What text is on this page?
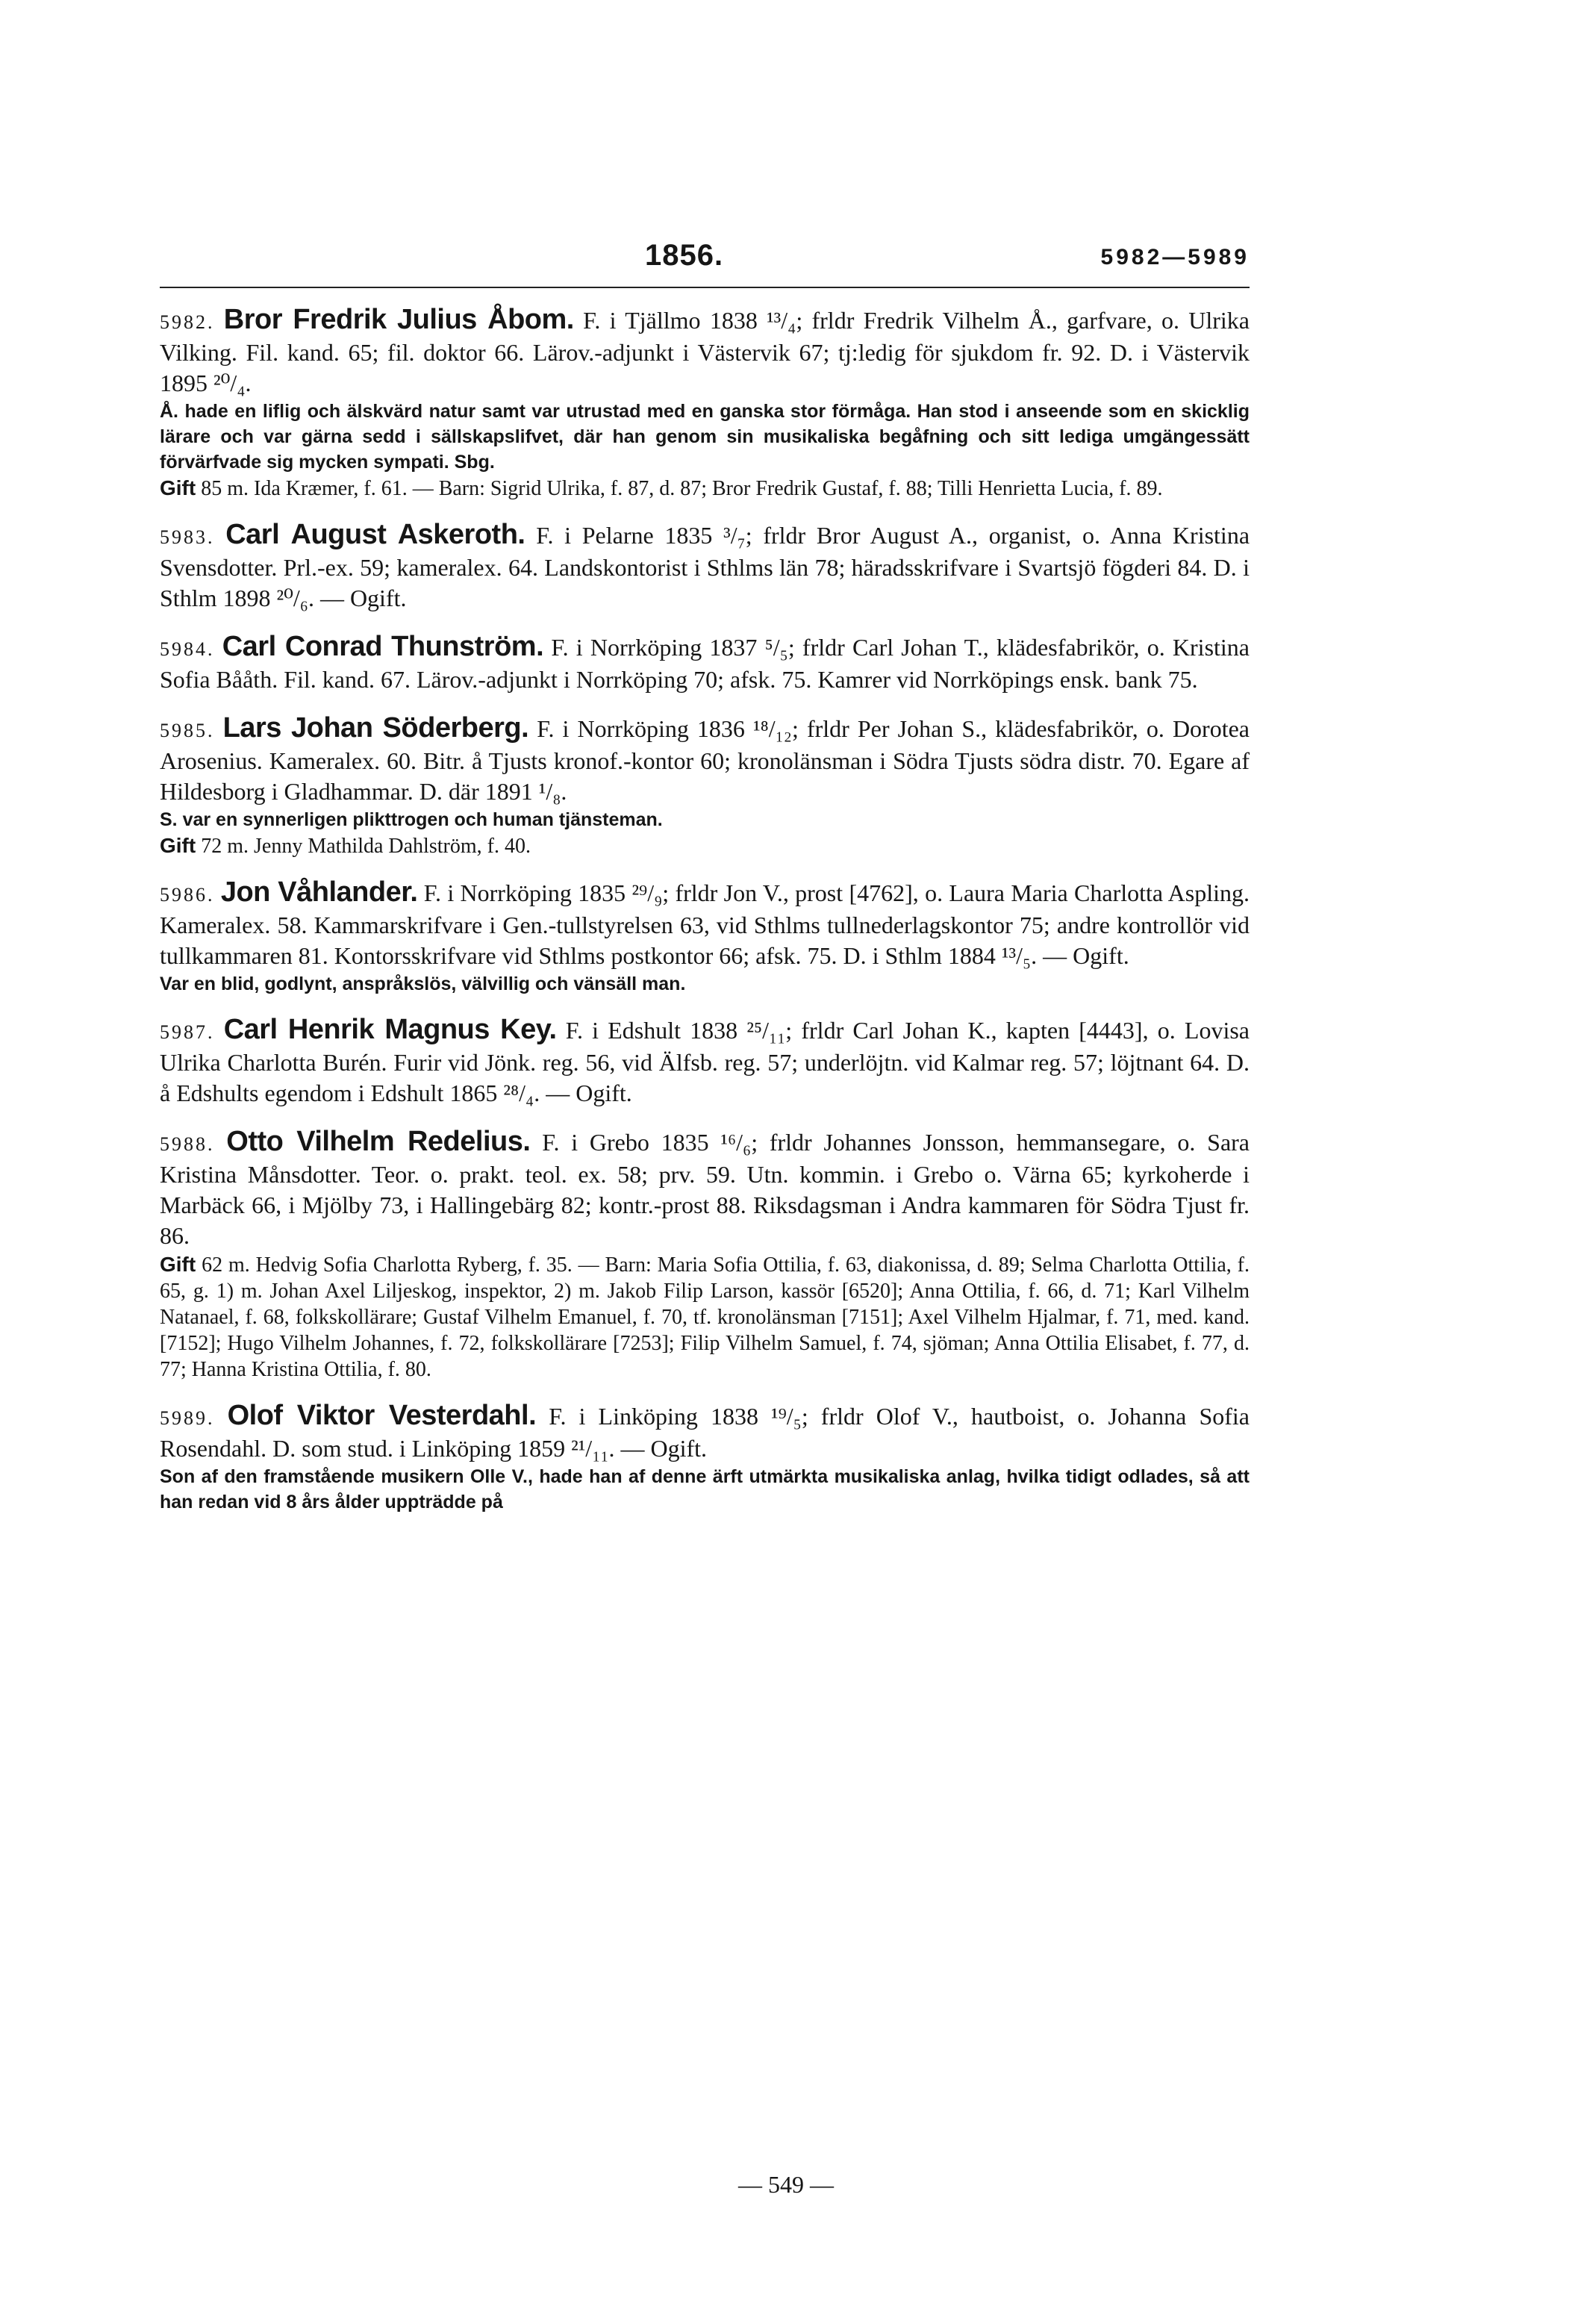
1856.	5982—5989

5982. Bror Fredrik Julius Åbom. F. i Tjällmo 1838 ¹³/₄; frldr Fredrik Vilhelm Å., garfvare, o. Ulrika Vilking. Fil. kand. 65; fil. doktor 66. Lärov.-adjunkt i Västervik 67; tj:ledig för sjukdom fr. 92. D. i Västervik 1895 ²⁰/₄.

Å. hade en liflig och älskvärd natur samt var utrustad med en ganska stor förmåga. Han stod i anseende som en skicklig lärare och var gärna sedd i sällskapslifvet, där han genom sin musikaliska begåfning och sitt lediga umgängessätt förvärfvade sig mycken sympati. Sbg.

Gift 85 m. Ida Kræmer, f. 61. — Barn: Sigrid Ulrika, f. 87, d. 87; Bror Fredrik Gustaf, f. 88; Tilli Henrietta Lucia, f. 89.

5983. Carl August Askeroth. F. i Pelarne 1835 ³/₇; frldr Bror August A., organist, o. Anna Kristina Svensdotter. Prl.-ex. 59; kameralex. 64. Landskontorist i Sthlms län 78; häradsskrifvare i Svartsjö fögderi 84. D. i Sthlm 1898 ²⁰/₆. — Ogift.

5984. Carl Conrad Thunström. F. i Norrköping 1837 ⁵/₅; frldr Carl Johan T., klädesfabrikör, o. Kristina Sofia Bååth. Fil. kand. 67. Lärov.-adjunkt i Norrköping 70; afsk. 75. Kamrer vid Norrköpings ensk. bank 75.

5985. Lars Johan Söderberg. F. i Norrköping 1836 ¹⁸/₁₂; frldr Per Johan S., klädesfabrikör, o. Dorotea Arosenius. Kameralex. 60. Bitr. å Tjusts kronof.-kontor 60; kronolänsman i Södra Tjusts södra distr. 70. Egare af Hildesborg i Gladhammar. D. där 1891 ¹/₈.

S. var en synnerligen plikttrogen och human tjänsteman.

Gift 72 m. Jenny Mathilda Dahlström, f. 40.

5986. Jon Våhlander. F. i Norrköping 1835 ²⁹/₉; frldr Jon V., prost [4762], o. Laura Maria Charlotta Aspling. Kameralex. 58. Kammarskrifvare i Gen.-tullstyrelsen 63, vid Sthlms tullnederlagskontor 75; andre kontrollör vid tullkammaren 81. Kontorsskrifvare vid Sthlms postkontor 66; afsk. 75. D. i Sthlm 1884 ¹³/₅. — Ogift.

Var en blid, godlynt, anspråkslös, välvillig och vänsäll man.

5987. Carl Henrik Magnus Key. F. i Edshult 1838 ²⁵/₁₁; frldr Carl Johan K., kapten [4443], o. Lovisa Ulrika Charlotta Burén. Furir vid Jönk. reg. 56, vid Älfsb. reg. 57; underlöjtn. vid Kalmar reg. 57; löjtnant 64. D. å Edshults egendom i Edshult 1865 ²⁸/₄. — Ogift.

5988. Otto Vilhelm Redelius. F. i Grebo 1835 ¹⁶/₆; frldr Johannes Jonsson, hemmansegare, o. Sara Kristina Månsdotter. Teor. o. prakt. teol. ex. 58; prv. 59. Utn. kommin. i Grebo o. Värna 65; kyrkoherde i Marbäck 66, i Mjölby 73, i Hallingebärg 82; kontr.-prost 88. Riksdagsman i Andra kammaren för Södra Tjust fr. 86.

Gift 62 m. Hedvig Sofia Charlotta Ryberg, f. 35. — Barn: Maria Sofia Ottilia, f. 63, diakonissa, d. 89; Selma Charlotta Ottilia, f. 65, g. 1) m. Johan Axel Liljeskog, inspektor, 2) m. Jakob Filip Larson, kassör [6520]; Anna Ottilia, f. 66, d. 71; Karl Vilhelm Natanael, f. 68, folkskollärare; Gustaf Vilhelm Emanuel, f. 70, tf. kronolänsman [7151]; Axel Vilhelm Hjalmar, f. 71, med. kand. [7152]; Hugo Vilhelm Johannes, f. 72, folkskollärare [7253]; Filip Vilhelm Samuel, f. 74, sjöman; Anna Ottilia Elisabet, f. 77, d. 77; Hanna Kristina Ottilia, f. 80.

5989. Olof Viktor Vesterdahl. F. i Linköping 1838 ¹⁹/₅; frldr Olof V., hautboist, o. Johanna Sofia Rosendahl. D. som stud. i Linköping 1859 ²¹/₁₁. — Ogift.

Son af den framstående musikern Olle V., hade han af denne ärft utmärkta musikaliska anlag, hvilka tidigt odlades, så att han redan vid 8 års ålder uppträdde på

— 549 —
